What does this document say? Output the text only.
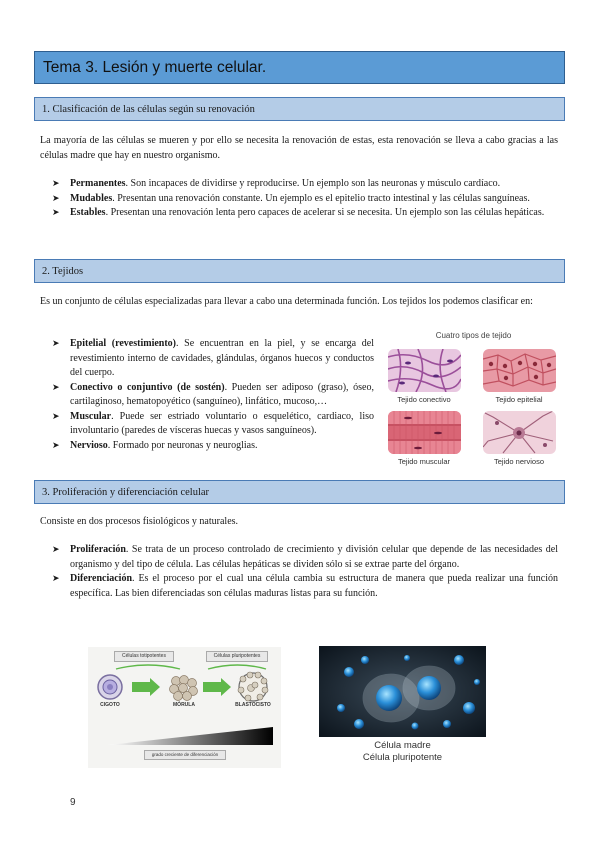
Tema 3. Lesión y muerte celular.
1. Clasificación de las células según su renovación

La mayoría de las células se mueren y por ello se necesita la renovación de estas, esta renovación se lleva a cabo gracias a las células madre que hay en nuestro organismo.

➤ Permanentes. Son incapaces de dividirse y reproducirse. Un ejemplo son las neuronas y músculo cardíaco.
➤ Mudables. Presentan una renovación constante. Un ejemplo es el epitelio tracto intestinal y las células sanguíneas.
➤ Estables. Presentan una renovación lenta pero capaces de acelerar si se necesita. Un ejemplo son las células hepáticas.
2. Tejidos

Es un conjunto de células especializadas para llevar a cabo una determinada función. Los tejidos los podemos clasificar en:

➤ Epitelial (revestimiento). Se encuentran en la piel, y se encarga del revestimiento interno de cavidades, glándulas, órganos huecos y conductos del cuerpo.
➤ Conectivo o conjuntivo (de sostén). Pueden ser adiposo (graso), óseo, cartilaginoso, hematopoyético (sanguíneo), linfático, mucoso,…
➤ Muscular. Puede ser estriado voluntario o esquelético, cardiaco, liso involuntario (paredes de vísceras huecas y vasos sanguíneos).
➤ Nervioso. Formado por neuronas y neuroglias.
Cuatro tipos de tejido
Tejido conectivo	Tejido epitelial
Tejido muscular	Tejido nervioso
3. Proliferación y diferenciación celular

Consiste en dos procesos fisiológicos y naturales.

➤ Proliferación. Se trata de un proceso controlado de crecimiento y división celular que depende de las necesidades del organismo y del tipo de célula. Las células hepáticas se dividen sólo si se extrae parte del órgano.
➤ Diferenciación. Es el proceso por el cual una célula cambia su estructura de manera que pueda realizar una función específica. Las bien diferenciadas son células maduras listas para su función.
Células totipotentes	Células pluripotentes
CIGOTO	MÓRULA	BLASTOCISTO
grado creciente de diferenciación
Célula madre
Célula pluripotente
9
